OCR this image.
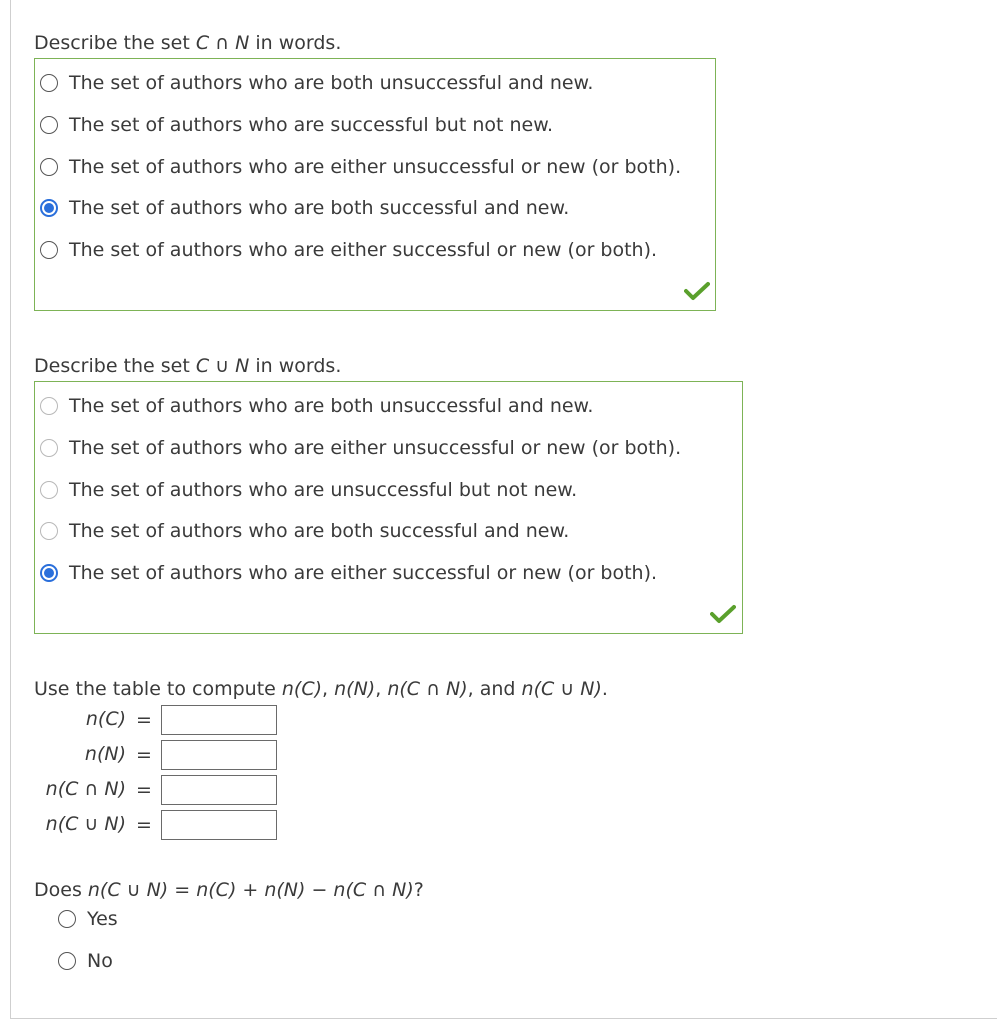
Describe the set C ∩ N in words.
The set of authors who are both unsuccessful and new.
The set of authors who are successful but not new.
The set of authors who are either unsuccessful or new (or both).
The set of authors who are both successful and new.
The set of authors who are either successful or new (or both).
Describe the set C ∪ N in words.
The set of authors who are both unsuccessful and new.
The set of authors who are either unsuccessful or new (or both).
The set of authors who are unsuccessful but not new.
The set of authors who are both successful and new.
The set of authors who are either successful or new (or both).
Use the table to compute n(C), n(N), n(C ∩ N), and n(C ∪ N).
n(C) =
n(N) =
n(C ∩ N) =
n(C ∪ N) =
Does n(C ∪ N) = n(C) + n(N) − n(C ∩ N)?
Yes
No
